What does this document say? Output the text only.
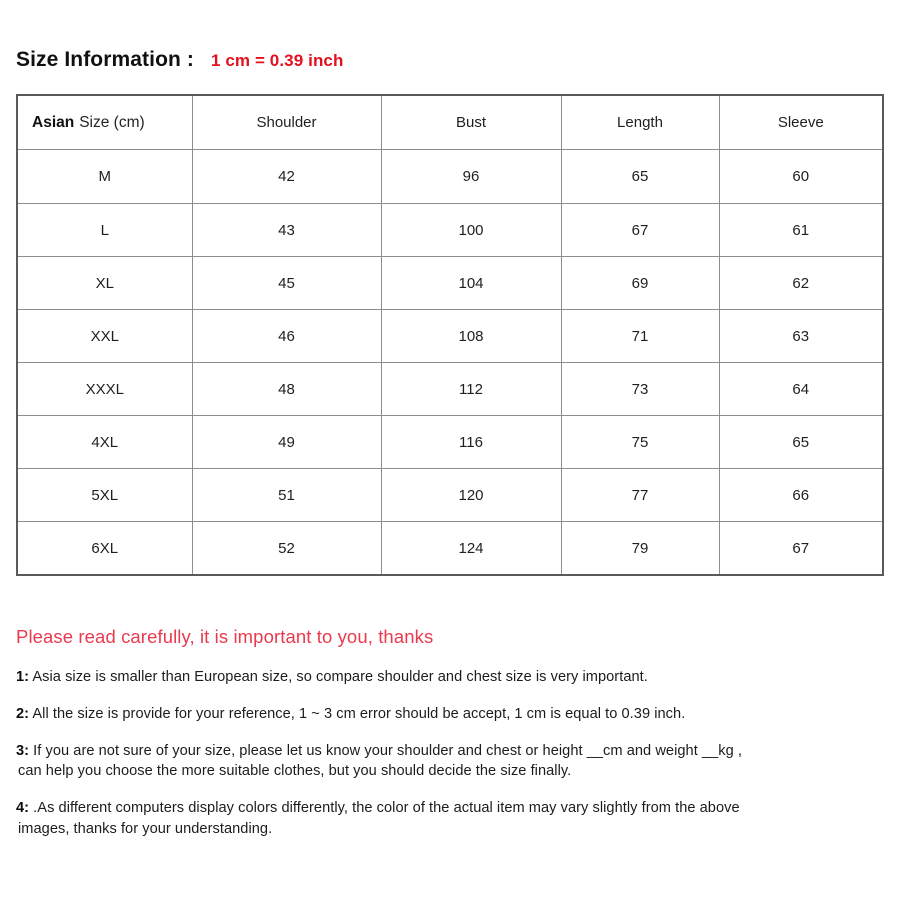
Size Information : 1 cm = 0.39 inch
Asian Size (cm)	Shoulder	Bust	Length	Sleeve
M	42	96	65	60
L	43	100	67	61
XL	45	104	69	62
XXL	46	108	71	63
XXXL	48	112	73	64
4XL	49	116	75	65
5XL	51	120	77	66
6XL	52	124	79	67

Please read carefully, it is important to you, thanks

1: Asia size is smaller than European size, so compare shoulder and chest size is very important.

2: All the size is provide for your reference, 1 ~ 3 cm error should be accept, 1 cm is equal to 0.39 inch.

3: If you are not sure of your size, please let us know your shoulder and chest or height __cm and weight __kg ,
can help you choose the more suitable clothes, but you should decide the size finally.

4: .As different computers display colors differently, the color of the actual item may vary slightly from the above
images, thanks for your understanding.
